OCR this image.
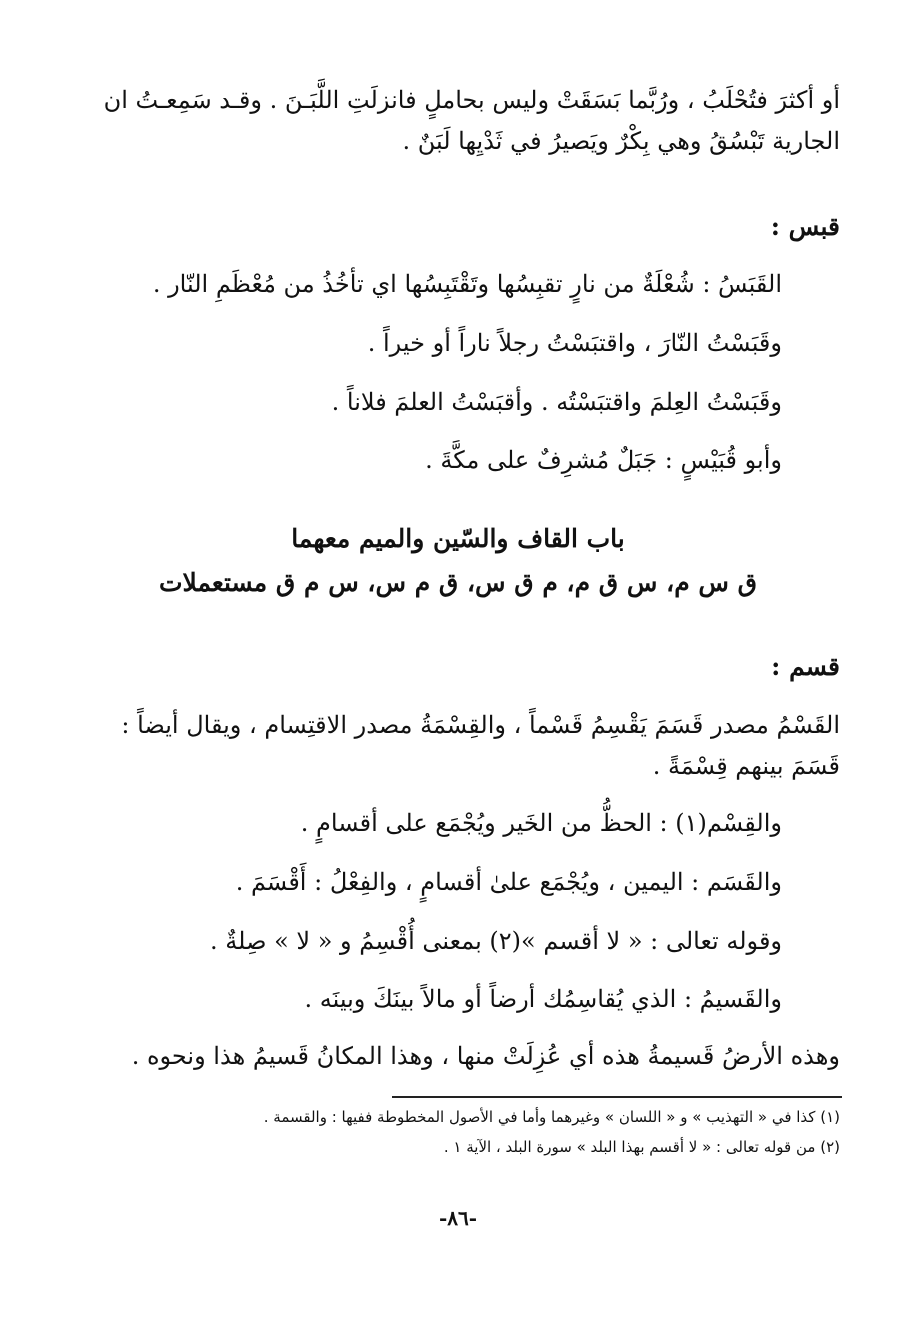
أو أكثرَ فتُحْلَبُ ، ورُبَّما بَسَقَتْ وليس بحاملٍ فانزلَتِ اللَّبَـنَ . وقـد سَمِعـتُ ان
الجارية تَبْسُقُ وهي بِكْرٌ ويَصيرُ في ثَدْيِها لَبَنٌ .
قبس :
القَبَسُ : شُعْلَةٌ من نارٍ تقبِسُها وتَقْتَبِسُها اي تأخُذُ من مُعْظَمِ النّار .
وقَبَسْتُ النّارَ ، واقتبَسْتُ رجلاً ناراً أو خيراً .
وقَبَسْتُ العِلمَ واقتبَسْتُه . وأقبَسْتُ العلمَ فلاناً .
وأبو قُبَيْسٍ : جَبَلٌ مُشرِفٌ على مكَّةَ .
باب القاف والسّين والميم معهما
ق س م، س ق م، م ق س، ق م س، س م ق مستعملات
قسم :
القَسْمُ مصدر قَسَمَ يَقْسِمُ قَسْماً ، والقِسْمَةُ مصدر الاقتِسام ، ويقال أيضاً :
قَسَمَ بينهم قِسْمَةً .
والقِسْم(١) : الحظُّ من الخَير ويُجْمَع على أقسامٍ .
والقَسَم : اليمين ، ويُجْمَع علىٰ أقسامٍ ، والفِعْلُ : أَقْسَمَ .
وقوله تعالى : « لا أقسم »(٢) بمعنى أُقْسِمُ و « لا » صِلةٌ .
والقَسيمُ : الذي يُقاسِمُك أرضاً أو مالاً بينَكَ وبينَه .
وهذه الأرضُ قَسيمةُ هذه أي عُزِلَتْ منها ، وهذا المكانُ قَسيمُ هذا ونحوه .
(١) كذا في « التهذيب » و « اللسان » وغيرهما وأما في الأصول المخطوطة ففيها : والقسمة .
(٢) من قوله تعالى : « لا أقسم بهذا البلد » سورة البلد ، الآية ١ .
-٨٦-
